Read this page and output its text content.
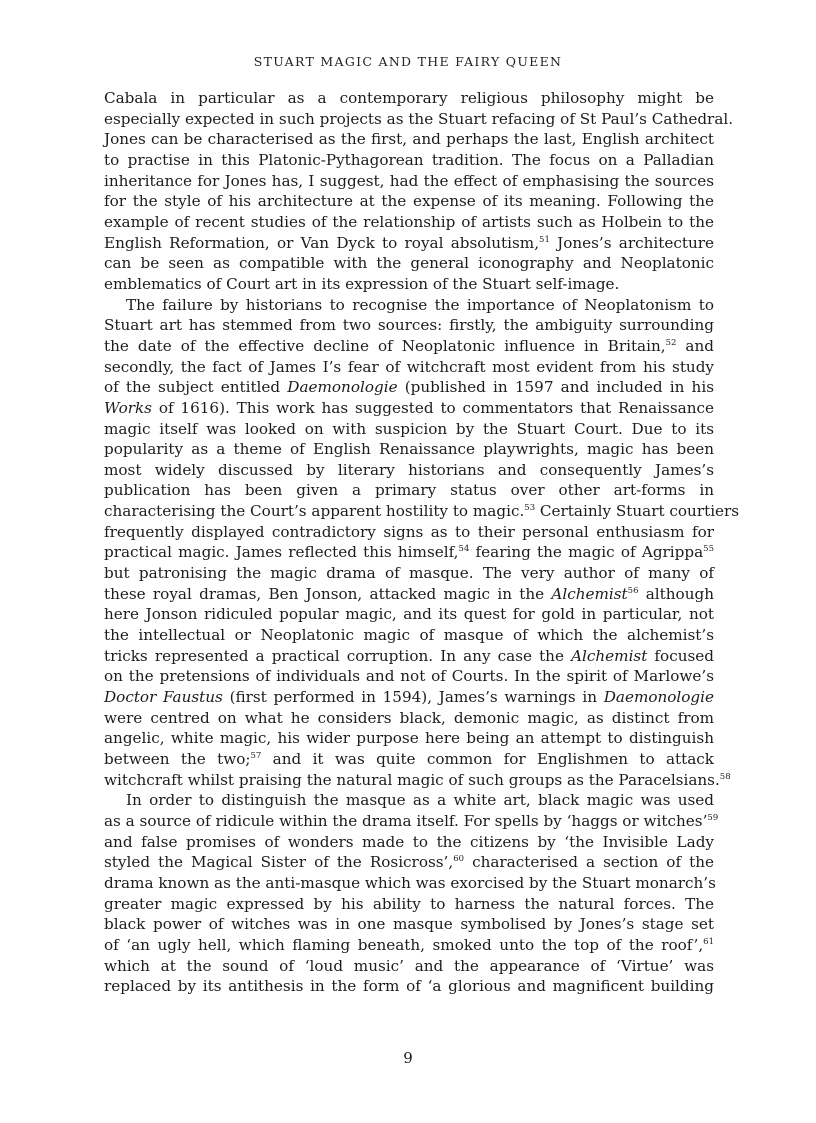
STUART MAGIC AND THE FAIRY QUEEN
Cabala in particular as a contemporary religious philosophy might be
especially expected in such projects as the Stuart refacing of St Paul’s Cathedral.
Jones can be characterised as the first, and perhaps the last, English architect
to practise in this Platonic-Pythagorean tradition. The focus on a Palladian
inheritance for Jones has, I suggest, had the effect of emphasising the sources
for the style of his architecture at the expense of its meaning. Following the
example of recent studies of the relationship of artists such as Holbein to the
English Reformation, or Van Dyck to royal absolutism,$^{51}$ Jones’s architecture
can be seen as compatible with the general iconography and Neoplatonic
emblematics of Court art in its expression of the Stuart self-image.
The failure by historians to recognise the importance of Neoplatonism to
Stuart art has stemmed from two sources: firstly, the ambiguity surrounding
the date of the effective decline of Neoplatonic influence in Britain,$^{52}$ and
secondly, the fact of James I’s fear of witchcraft most evident from his study
of the subject entitled Daemonologie (published in 1597 and included in his
Works of 1616). This work has suggested to commentators that Renaissance
magic itself was looked on with suspicion by the Stuart Court. Due to its
popularity as a theme of English Renaissance playwrights, magic has been
most widely discussed by literary historians and consequently James’s
publication has been given a primary status over other art-forms in
characterising the Court’s apparent hostility to magic.$^{53}$ Certainly Stuart courtiers
frequently displayed contradictory signs as to their personal enthusiasm for
practical magic. James reflected this himself,$^{54}$ fearing the magic of Agrippa$^{55}$
but patronising the magic drama of masque. The very author of many of
these royal dramas, Ben Jonson, attacked magic in the Alchemist$^{56}$ although
here Jonson ridiculed popular magic, and its quest for gold in particular, not
the intellectual or Neoplatonic magic of masque of which the alchemist’s
tricks represented a practical corruption. In any case the Alchemist focused
on the pretensions of individuals and not of Courts. In the spirit of Marlowe’s
Doctor Faustus (first performed in 1594), James’s warnings in Daemonologie
were centred on what he considers black, demonic magic, as distinct from
angelic, white magic, his wider purpose here being an attempt to distinguish
between the two;$^{57}$ and it was quite common for Englishmen to attack
witchcraft whilst praising the natural magic of such groups as the Paracelsians.$^{58}$
In order to distinguish the masque as a white art, black magic was used
as a source of ridicule within the drama itself. For spells by ‘haggs or witches’$^{59}$
and false promises of wonders made to the citizens by ‘the Invisible Lady
styled the Magical Sister of the Rosicross’,$^{60}$ characterised a section of the
drama known as the anti-masque which was exorcised by the Stuart monarch’s
greater magic expressed by his ability to harness the natural forces. The
black power of witches was in one masque symbolised by Jones’s stage set
of ‘an ugly hell, which flaming beneath, smoked unto the top of the roof’,$^{61}$
which at the sound of ‘loud music’ and the appearance of ‘Virtue’ was
replaced by its antithesis in the form of ‘a glorious and magnificent building
9
